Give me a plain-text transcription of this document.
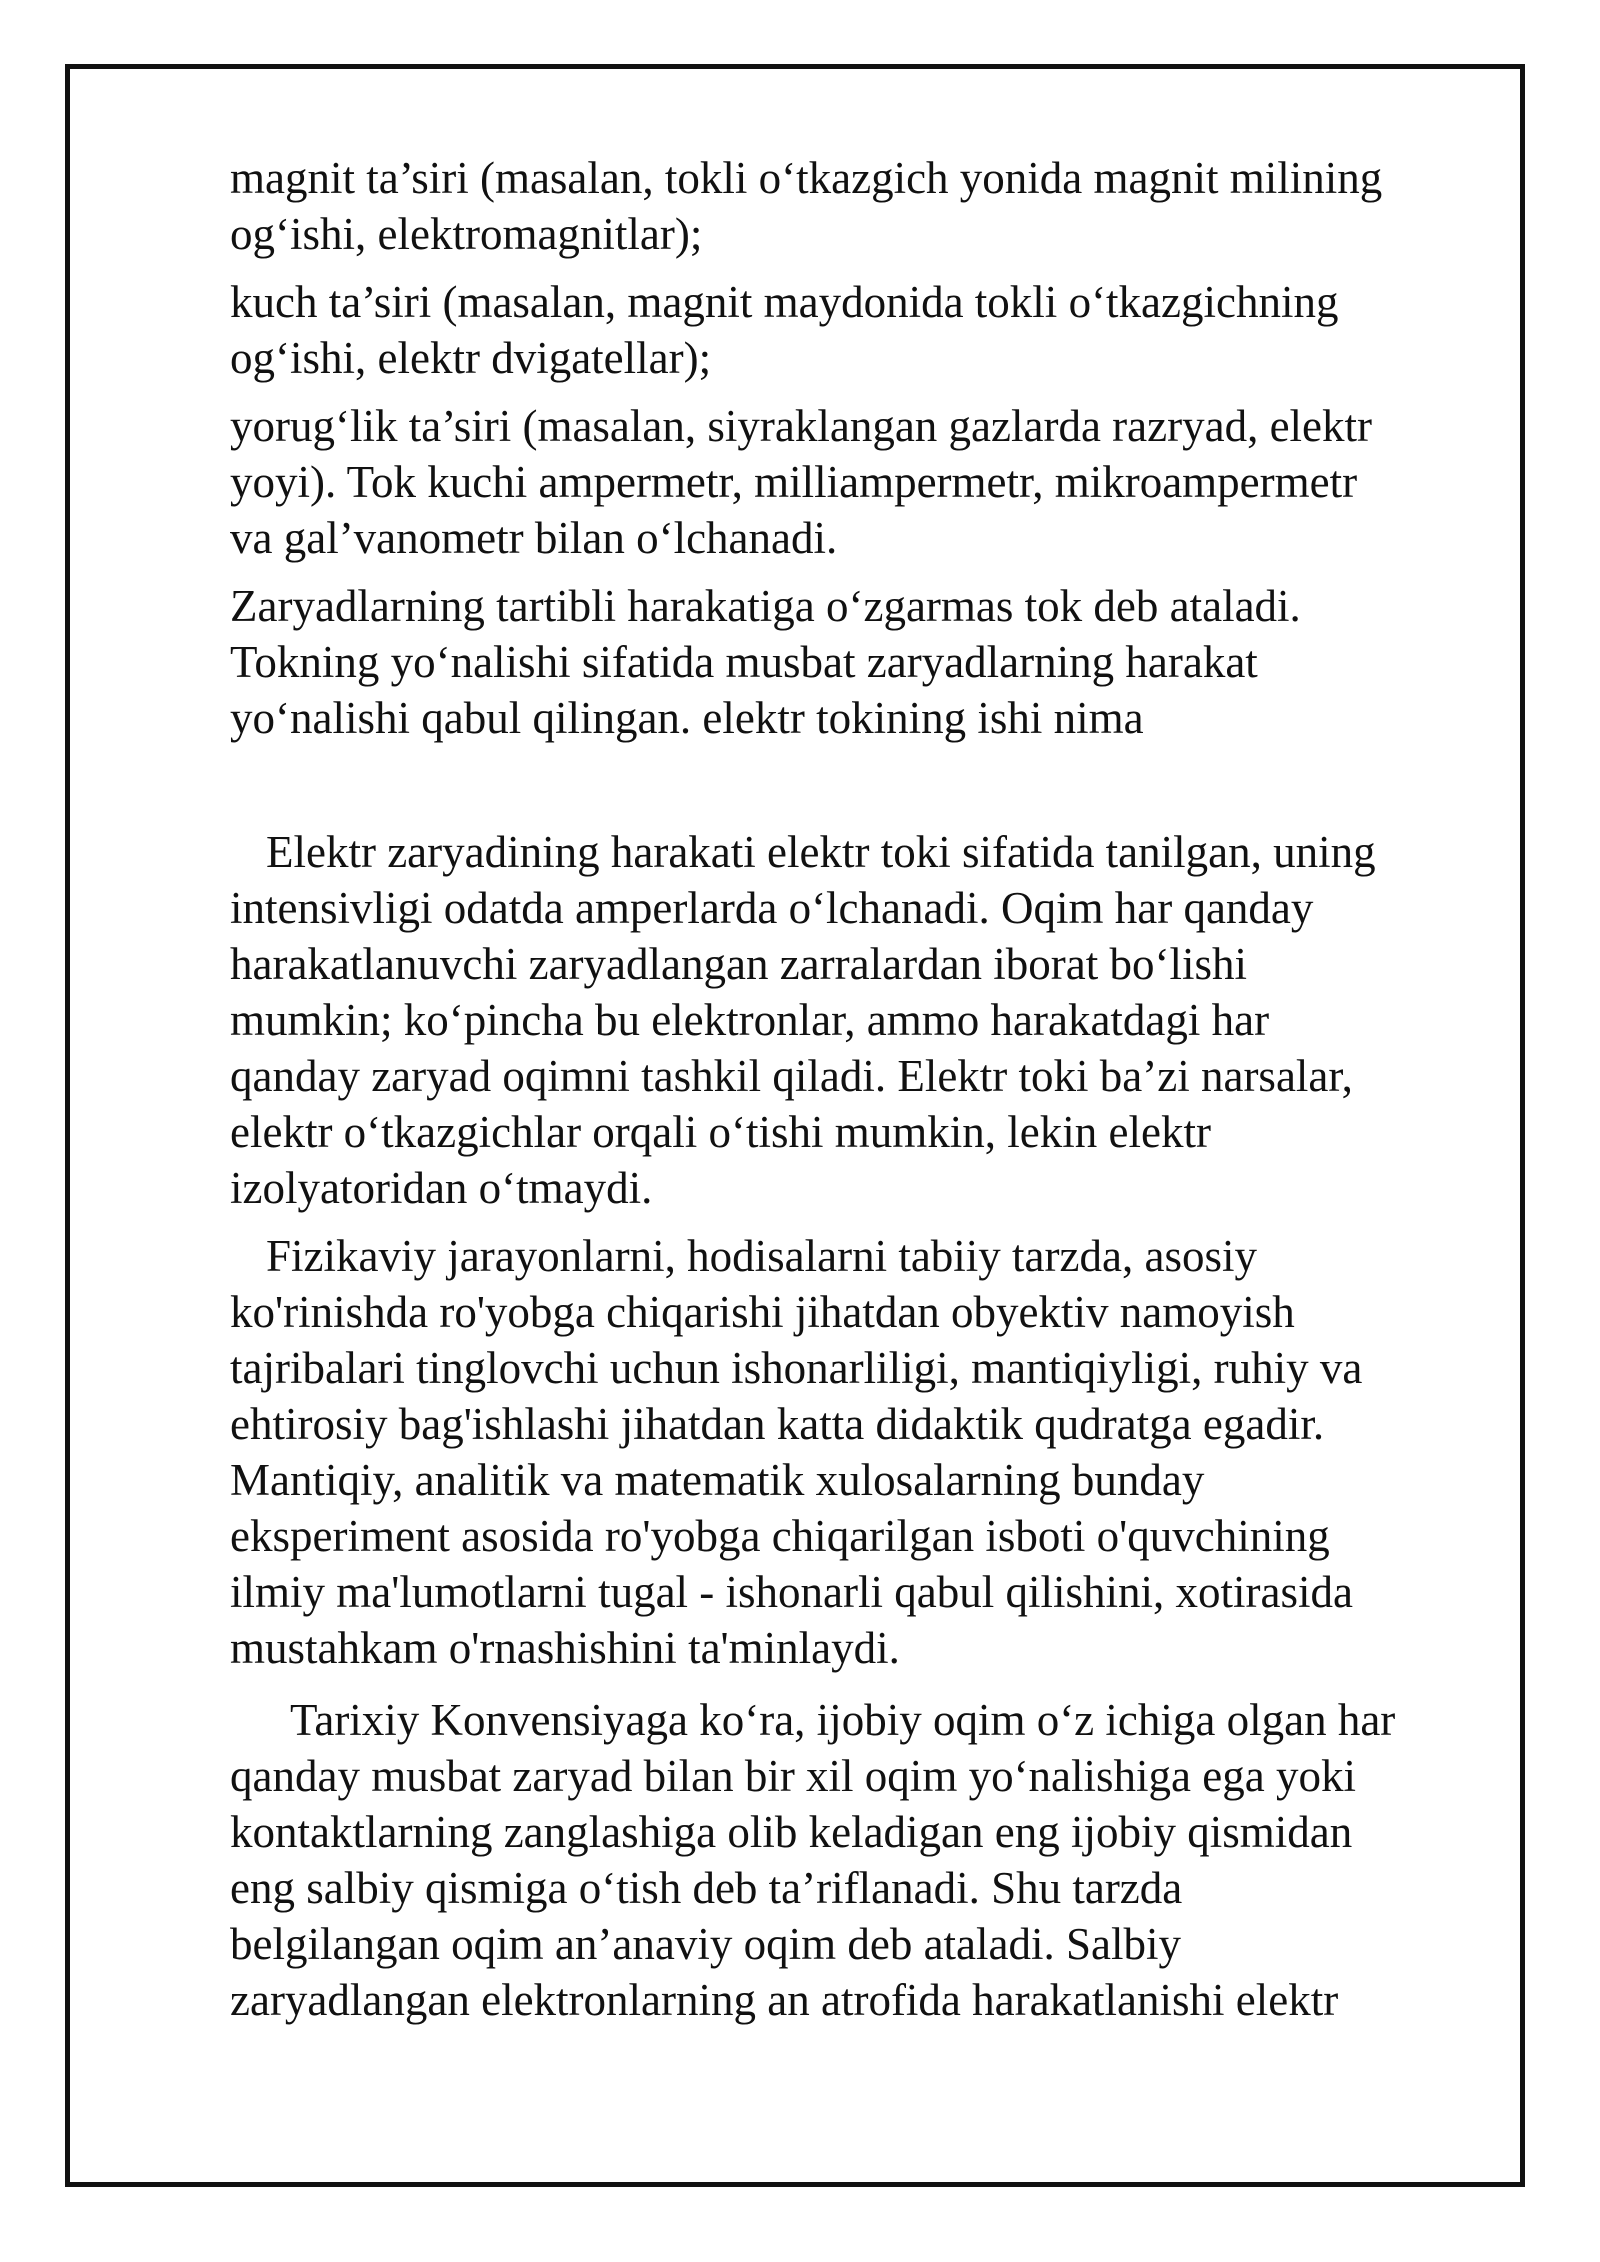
magnit ta’siri (masalan, tokli o‘tkazgich yonida magnit milining
og‘ishi, elektromagnitlar);

kuch ta’siri (masalan, magnit maydonida tokli o‘tkazgichning
og‘ishi, elektr dvigatellar);

yorug‘lik ta’siri (masalan, siyraklangan gazlarda razryad, elektr
yoyi). Tok kuchi ampermetr, milliampermetr, mikroampermetr
va gal’vanometr bilan o‘lchanadi.

Zaryadlarning tartibli harakatiga o‘zgarmas tok deb ataladi.
Tokning yo‘nalishi sifatida musbat zaryadlarning harakat
yo‘nalishi qabul qilingan. elektr tokining ishi nima

Elektr zaryadining harakati elektr toki sifatida tanilgan, uning
intensivligi odatda amperlarda o‘lchanadi. Oqim har qanday
harakatlanuvchi zaryadlangan zarralardan iborat bo‘lishi
mumkin; ko‘pincha bu elektronlar, ammo harakatdagi har
qanday zaryad oqimni tashkil qiladi. Elektr toki ba’zi narsalar,
elektr o‘tkazgichlar orqali o‘tishi mumkin, lekin elektr
izolyatoridan o‘tmaydi.

Fizikaviy jarayonlarni, hodisalarni tabiiy tarzda, asosiy
ko'rinishda ro'yobga chiqarishi jihatdan obyektiv namoyish
tajribalari tinglovchi uchun ishonarliligi, mantiqiyligi, ruhiy va
ehtirosiy bag'ishlashi jihatdan katta didaktik qudratga egadir.
Mantiqiy, analitik va matematik xulosalarning bunday
eksperiment asosida ro'yobga chiqarilgan isboti o'quvchining
ilmiy ma'lumotlarni tugal - ishonarli qabul qilishini, xotirasida
mustahkam o'rnashishini ta'minlaydi.

Tarixiy Konvensiyaga ko‘ra, ijobiy oqim o‘z ichiga olgan har
qanday musbat zaryad bilan bir xil oqim yo‘nalishiga ega yoki
kontaktlarning zanglashiga olib keladigan eng ijobiy qismidan
eng salbiy qismiga o‘tish deb ta’riflanadi. Shu tarzda
belgilangan oqim an’anaviy oqim deb ataladi. Salbiy
zaryadlangan elektronlarning an atrofida harakatlanishi elektr
